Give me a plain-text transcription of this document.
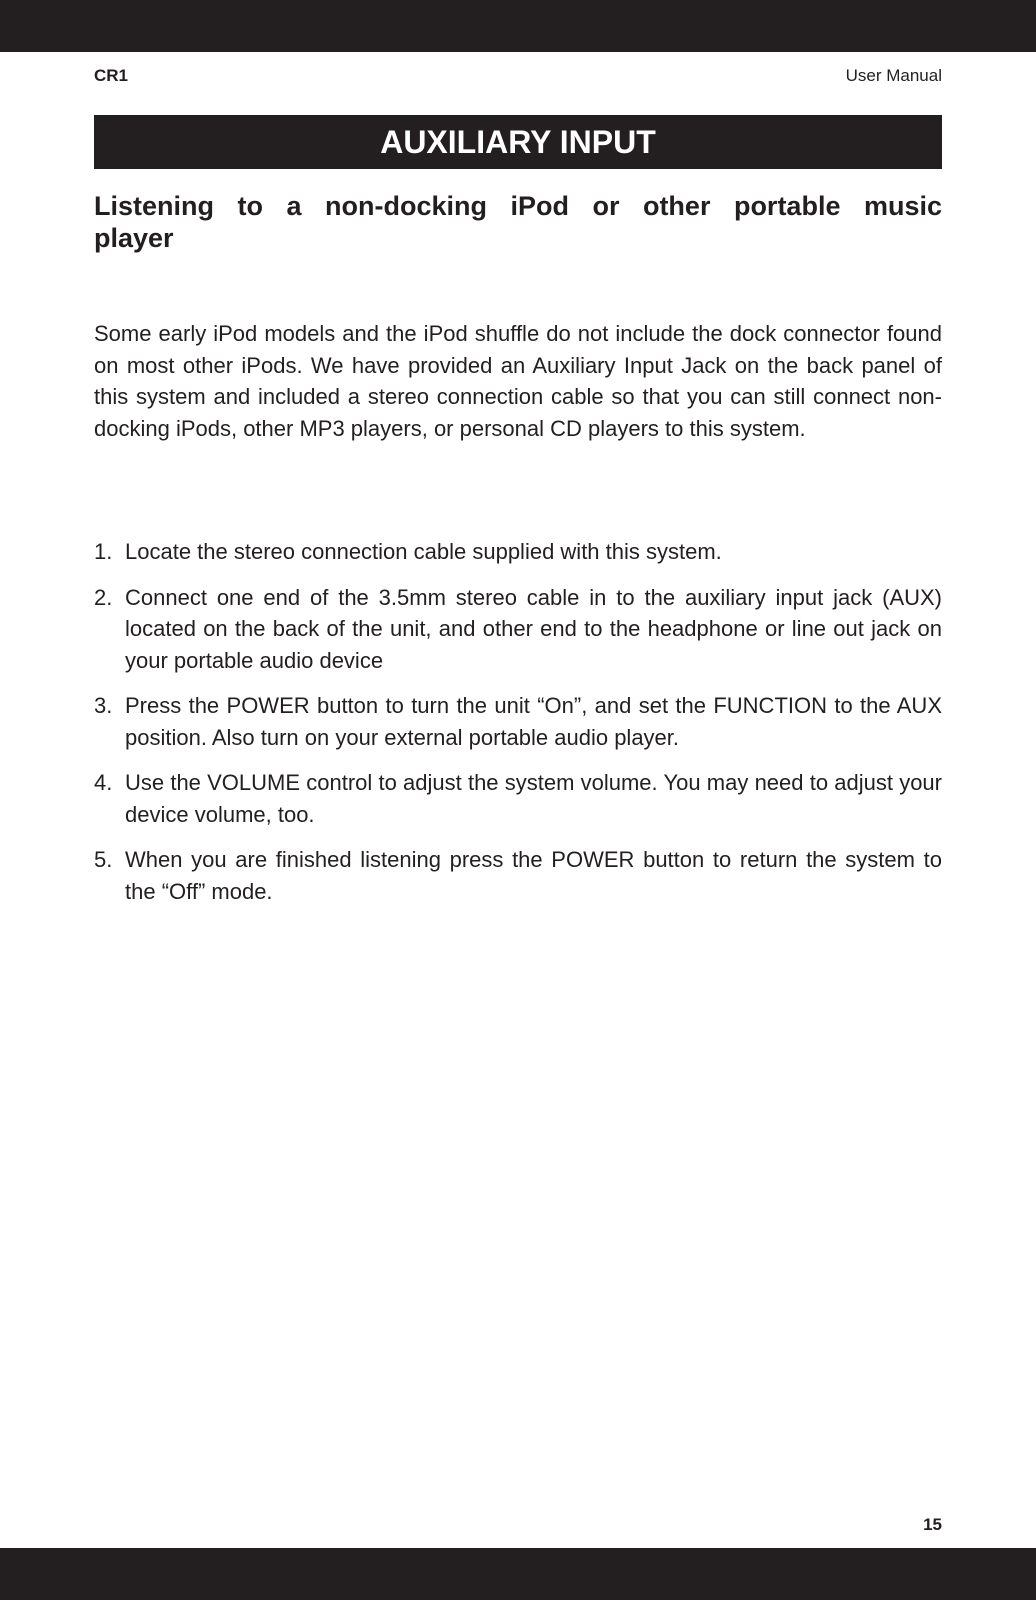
CR1	User Manual
AUXILIARY INPUT
Listening to a non-docking iPod or other portable music player

Some early iPod models and the iPod shuffle do not include the dock connector found on most other iPods. We have provided an Auxiliary Input Jack on the back panel of this system and included a stereo connection cable so that you can still connect non-docking iPods, other MP3 players, or personal CD players to this system.

1. Locate the stereo connection cable supplied with this system.
2. Connect one end of the 3.5mm stereo cable in to the auxiliary input jack (AUX) located on the back of the unit, and other end to the headphone or line out jack on your portable audio device
3. Press the POWER button to turn the unit “On”, and set the FUNCTION to the AUX position. Also turn on your external portable audio player.
4. Use the VOLUME control to adjust the system volume. You may need to adjust your device volume, too.
5. When you are finished listening press the POWER button to return the system to the “Off” mode.
15
